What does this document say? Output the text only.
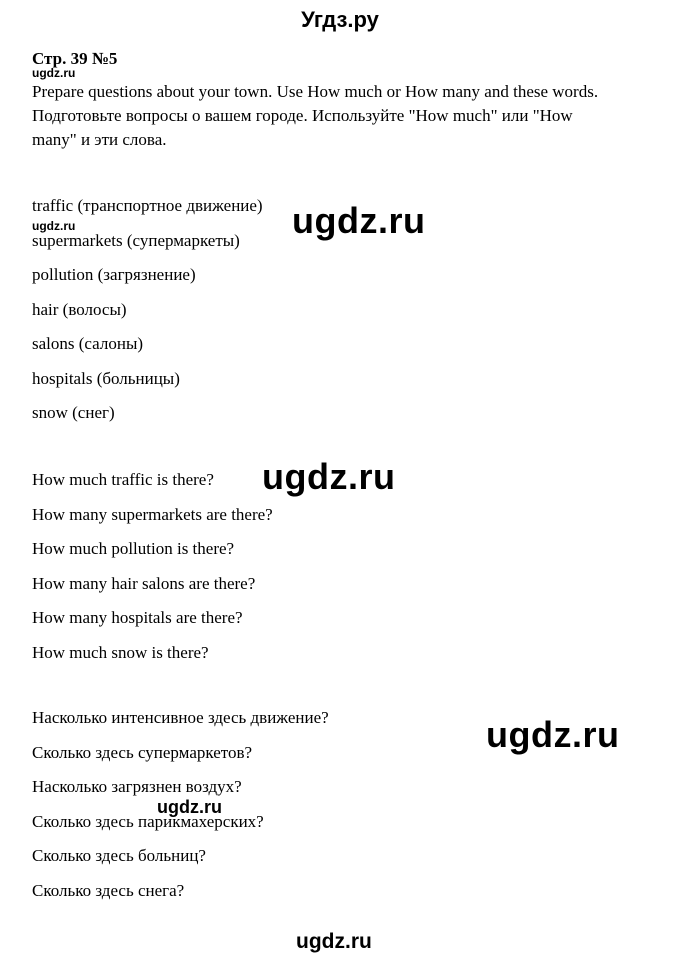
Угдз.ру
Стр. 39 №5
ugdz.ru
Prepare questions about your town. Use How much or How many and these words.
Подготовьте вопросы о вашем городе. Используйте "How much" или "How
many" и эти слова.
traffic (транспортное движение)
supermarkets (супермаркеты)
pollution (загрязнение)
hair (волосы)
salons (салоны)
hospitals (больницы)
snow (снег)
ugdz.ru	ugdz.ru
How much traffic is there?
How many supermarkets are there?
How much pollution is there?
How many hair salons are there?
How many hospitals are there?
How much snow is there?
ugdz.ru
Насколько интенсивное здесь движение?
Сколько здесь супермаркетов?
Насколько загрязнен воздух?
Сколько здесь парикмахерских?
Сколько здесь больниц?
Сколько здесь снега?
ugdz.ru
ugdz.ru
ugdz.ru
